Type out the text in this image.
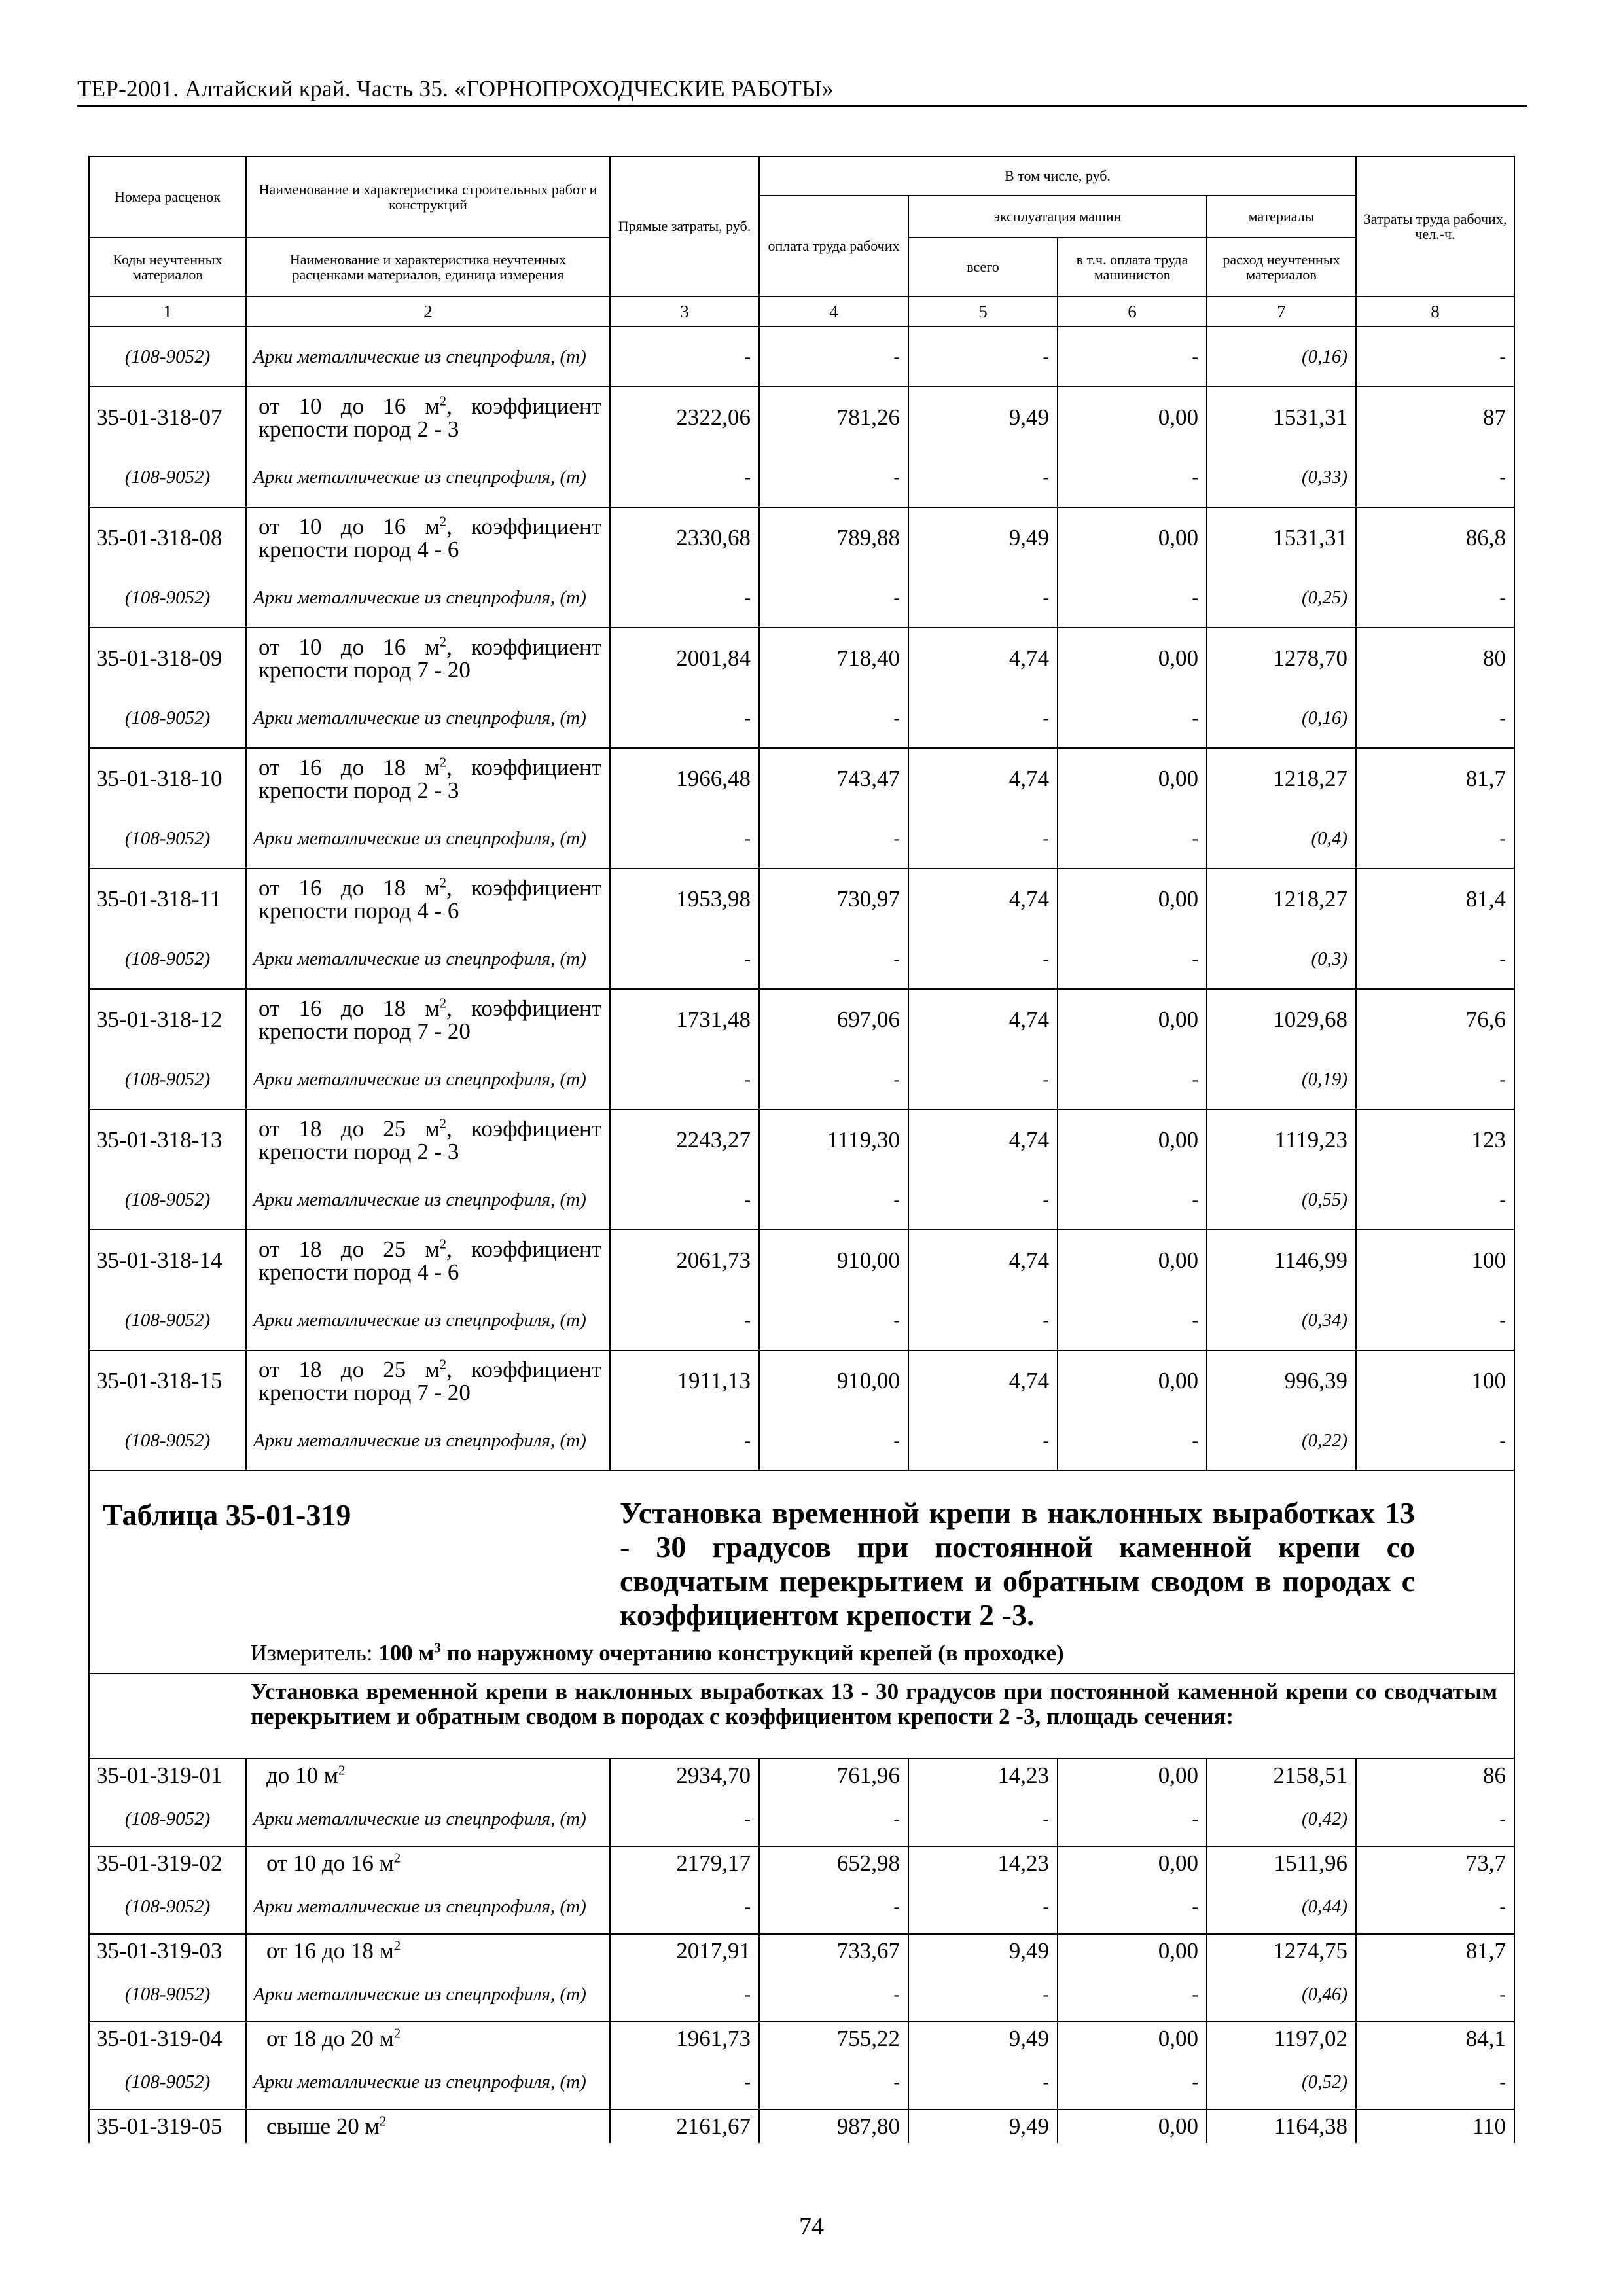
ТЕР-2001. Алтайский край. Часть 35. «ГОРНОПРОХОДЧЕСКИЕ РАБОТЫ»
Номера расценок	Наименование и характеристика строительных работ и конструкций	Прямые затраты, руб.	В том числе, руб.				Затраты труда рабочих, чел.-ч.
			оплата труда рабочих	эксплуатация машин		материалы	
Коды неучтенных материалов	Наименование и характеристика неучтенных расценками материалов, единица измерения			всего	в т.ч. оплата труда машинистов	расход неучтенных материалов	
1	2	3	4	5	6	7	8
(108-9052)	Арки металлические из спецпрофиля, (т)	-	-	-	-	(0,16)	-
35-01-318-07	от 10 до 16 $м^2$, коэффициент
крепости пород 2 - 3	2322,06	781,26	9,49	0,00	1531,31	87
(108-9052)	Арки металлические из спецпрофиля, (т)	-	-	-	-	(0,33)	-
35-01-318-08	от 10 до 16 $м^2$, коэффициент
крепости пород 4 - 6	2330,68	789,88	9,49	0,00	1531,31	86,8
(108-9052)	Арки металлические из спецпрофиля, (т)	-	-	-	-	(0,25)	-
35-01-318-09	от 10 до 16 $м^2$, коэффициент
крепости пород 7 - 20	2001,84	718,40	4,74	0,00	1278,70	80
(108-9052)	Арки металлические из спецпрофиля, (т)	-	-	-	-	(0,16)	-
35-01-318-10	от 16 до 18 $м^2$, коэффициент
крепости пород 2 - 3	1966,48	743,47	4,74	0,00	1218,27	81,7
(108-9052)	Арки металлические из спецпрофиля, (т)	-	-	-	-	(0,4)	-
35-01-318-11	от 16 до 18 $м^2$, коэффициент
крепости пород 4 - 6	1953,98	730,97	4,74	0,00	1218,27	81,4
(108-9052)	Арки металлические из спецпрофиля, (т)	-	-	-	-	(0,3)	-
35-01-318-12	от 16 до 18 $м^2$, коэффициент
крепости пород 7 - 20	1731,48	697,06	4,74	0,00	1029,68	76,6
(108-9052)	Арки металлические из спецпрофиля, (т)	-	-	-	-	(0,19)	-
35-01-318-13	от 18 до 25 $м^2$, коэффициент
крепости пород 2 - 3	2243,27	1119,30	4,74	0,00	1119,23	123
(108-9052)	Арки металлические из спецпрофиля, (т)	-	-	-	-	(0,55)	-
35-01-318-14	от 18 до 25 $м^2$, коэффициент
крепости пород 4 - 6	2061,73	910,00	4,74	0,00	1146,99	100
(108-9052)	Арки металлические из спецпрофиля, (т)	-	-	-	-	(0,34)	-
35-01-318-15	от 18 до 25 $м^2$, коэффициент
крепости пород 7 - 20	1911,13	910,00	4,74	0,00	996,39	100
(108-9052)	Арки металлические из спецпрофиля, (т)	-	-	-	-	(0,22)	-

Таблица 35-01-319 Установка временной крепи в наклонных выработках 13 - 30 градусов при постоянной каменной крепи со сводчатым перекрытием и обратным сводом в породах с коэффициентом крепости 2 -3.
Измеритель: 100 $м^3$ по наружному очертанию конструкций крепей (в проходке)							

Установка временной крепи в наклонных выработках 13 - 30 градусов при постоянной каменной крепи со сводчатым перекрытием и обратным сводом в породах с коэффициентом крепости 2 -3, площадь сечения:							

35-01-319-01	до 10 $м^2$	2934,70	761,96	14,23	0,00	2158,51	86
(108-9052)	Арки металлические из спецпрофиля, (т)	-	-	-	-	(0,42)	-
35-01-319-02	от 10 до 16 $м^2$	2179,17	652,98	14,23	0,00	1511,96	73,7
(108-9052)	Арки металлические из спецпрофиля, (т)	-	-	-	-	(0,44)	-
35-01-319-03	от 16 до 18 $м^2$	2017,91	733,67	9,49	0,00	1274,75	81,7
(108-9052)	Арки металлические из спецпрофиля, (т)	-	-	-	-	(0,46)	-
35-01-319-04	от 18 до 20 $м^2$	1961,73	755,22	9,49	0,00	1197,02	84,1
(108-9052)	Арки металлические из спецпрофиля, (т)	-	-	-	-	(0,52)	-
35-01-319-05	свыше 20 $м^2$	2161,67	987,80	9,49	0,00	1164,38	110
74
